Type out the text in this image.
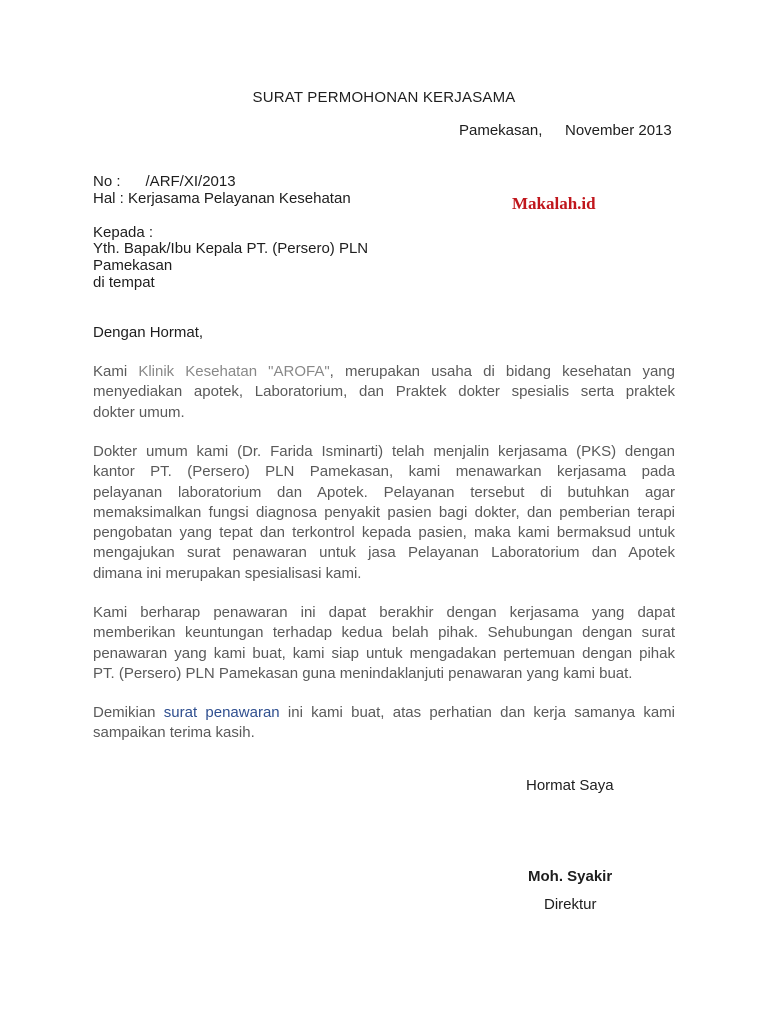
SURAT PERMOHONAN KERJASAMA
Pamekasan, November 2013
No : /ARF/XI/2013
Hal : Kerjasama Pelayanan Kesehatan	Makalah.id
Kepada :
Yth. Bapak/Ibu Kepala PT. (Persero) PLN
Pamekasan
di tempat
Dengan Hormat,
Kami Klinik Kesehatan "AROFA", merupakan usaha di bidang kesehatan yang
menyediakan apotek, Laboratorium, dan Praktek dokter spesialis serta praktek
dokter umum.
Dokter umum kami (Dr. Farida Isminarti) telah menjalin kerjasama (PKS) dengan
kantor PT. (Persero) PLN Pamekasan, kami menawarkan kerjasama pada
pelayanan laboratorium dan Apotek. Pelayanan tersebut di butuhkan agar
memaksimalkan fungsi diagnosa penyakit pasien bagi dokter, dan pemberian terapi
pengobatan yang tepat dan terkontrol kepada pasien, maka kami bermaksud untuk
mengajukan surat penawaran untuk jasa Pelayanan Laboratorium dan Apotek
dimana ini merupakan spesialisasi kami.
Kami berharap penawaran ini dapat berakhir dengan kerjasama yang dapat
memberikan keuntungan terhadap kedua belah pihak. Sehubungan dengan surat
penawaran yang kami buat, kami siap untuk mengadakan pertemuan dengan pihak
PT. (Persero) PLN Pamekasan guna menindaklanjuti penawaran yang kami buat.
Demikian surat penawaran ini kami buat, atas perhatian dan kerja samanya kami
sampaikan terima kasih.
Hormat Saya
Moh. Syakir
Direktur
